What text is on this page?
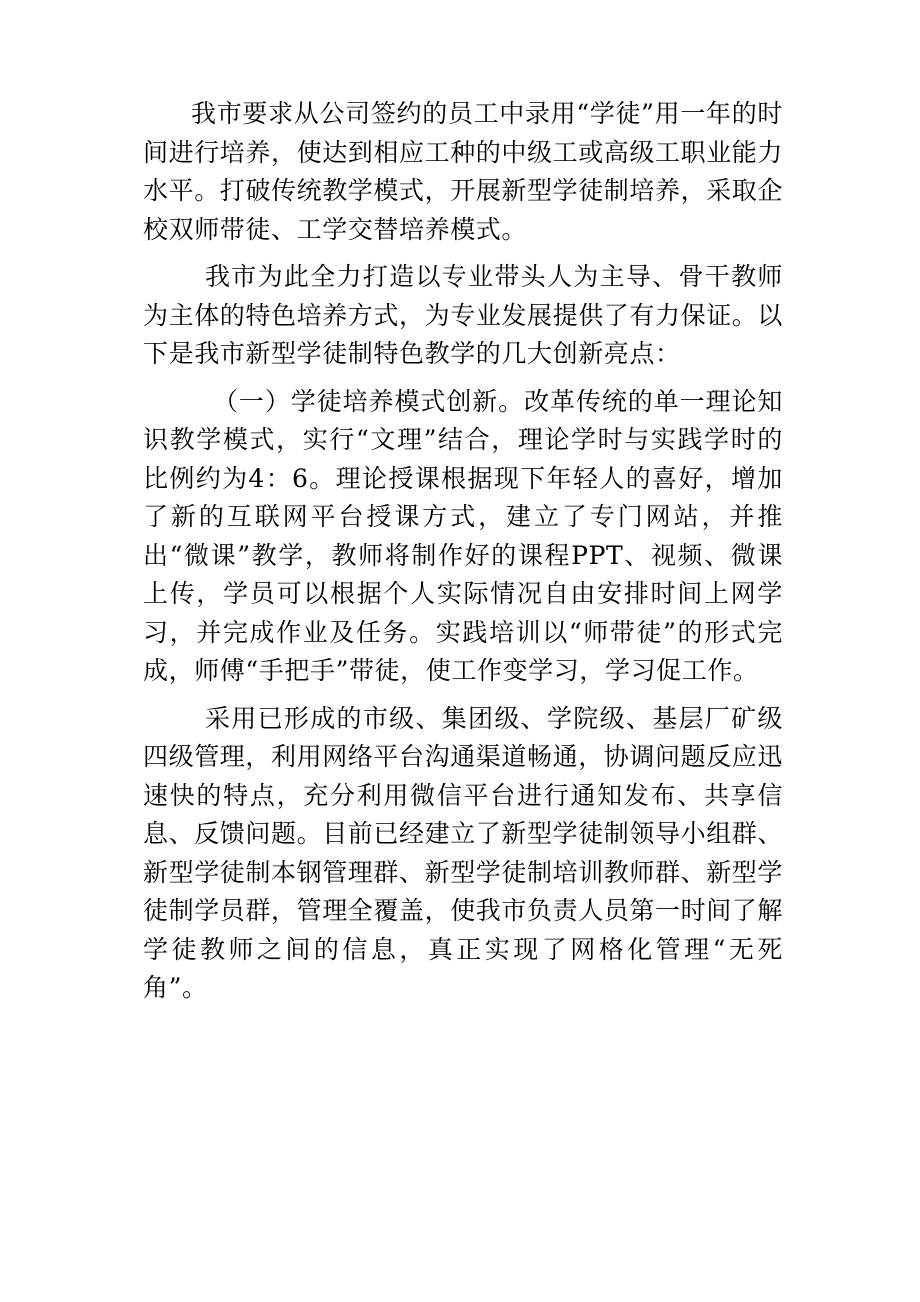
我市要求从公司签约的员工中录用“学徒”用一年的时间进行培养，使达到相应工种的中级工或高级工职业能力水平。打破传统教学模式，开展新型学徒制培养，采取企校双师带徒、工学交替培养模式。

我市为此全力打造以专业带头人为主导、骨干教师为主体的特色培养方式，为专业发展提供了有力保证。以下是我市新型学徒制特色教学的几大创新亮点：

（一）学徒培养模式创新。改革传统的单一理论知识教学模式，实行“文理”结合，理论学时与实践学时的比例约为4：6。理论授课根据现下年轻人的喜好，增加了新的互联网平台授课方式，建立了专门网站，并推出“微课”教学，教师将制作好的课程PPT、视频、微课上传，学员可以根据个人实际情况自由安排时间上网学习，并完成作业及任务。实践培训以“师带徒”的形式完成，师傅“手把手”带徒，使工作变学习，学习促工作。

采用已形成的市级、集团级、学院级、基层厂矿级四级管理，利用网络平台沟通渠道畅通，协调问题反应迅速快的特点，充分利用微信平台进行通知发布、共享信息、反馈问题。目前已经建立了新型学徒制领导小组群、新型学徒制本钢管理群、新型学徒制培训教师群、新型学徒制学员群，管理全覆盖，使我市负责人员第一时间了解学徒教师之间的信息，真正实现了网格化管理“无死角”。
